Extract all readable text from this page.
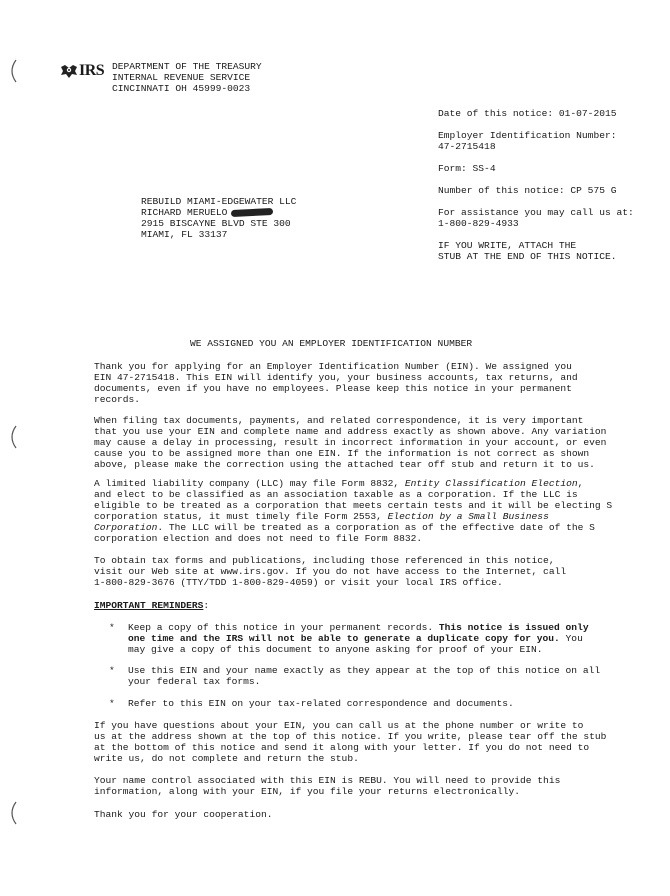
IRS DEPARTMENT OF THE TREASURY
INTERNAL REVENUE SERVICE
CINCINNATI OH 45999-0023
Date of this notice: 01-07-2015
Employer Identification Number:
47-2715418
Form: SS-4
Number of this notice: CP 575 G
For assistance you may call us at:
1-800-829-4933
IF YOU WRITE, ATTACH THE
STUB AT THE END OF THIS NOTICE.
REBUILD MIAMI-EDGEWATER LLC
RICHARD MERUELO
2915 BISCAYNE BLVD STE 300
MIAMI, FL 33137
WE ASSIGNED YOU AN EMPLOYER IDENTIFICATION NUMBER

Thank you for applying for an Employer Identification Number (EIN). We assigned you

EIN 47-2715418. This EIN will identify you, your business accounts, tax returns, and

documents, even if you have no employees. Please keep this notice in your permanent

records.

When filing tax documents, payments, and related correspondence, it is very important

that you use your EIN and complete name and address exactly as shown above. Any variation

may cause a delay in processing, result in incorrect information in your account, or even

cause you to be assigned more than one EIN. If the information is not correct as shown

above, please make the correction using the attached tear off stub and return it to us.

A limited liability company (LLC) may file Form 8832, Entity Classification Election,

and elect to be classified as an association taxable as a corporation. If the LLC is

eligible to be treated as a corporation that meets certain tests and it will be electing S

corporation status, it must timely file Form 2553, Election by a Small Business

Corporation. The LLC will be treated as a corporation as of the effective date of the S

corporation election and does not need to file Form 8832.

To obtain tax forms and publications, including those referenced in this notice,

visit our Web site at www.irs.gov. If you do not have access to the Internet, call

1-800-829-3676 (TTY/TDD 1-800-829-4059) or visit your local IRS office.

IMPORTANT REMINDERS:
* Keep a copy of this notice in your permanent records. This notice is issued only

one time and the IRS will not be able to generate a duplicate copy for you. You

may give a copy of this document to anyone asking for proof of your EIN.

* Use this EIN and your name exactly as they appear at the top of this notice on all

your federal tax forms.

* Refer to this EIN on your tax-related correspondence and documents.

If you have questions about your EIN, you can call us at the phone number or write to

us at the address shown at the top of this notice. If you write, please tear off the stub

at the bottom of this notice and send it along with your letter. If you do not need to

write us, do not complete and return the stub.

Your name control associated with this EIN is REBU. You will need to provide this

information, along with your EIN, if you file your returns electronically.

Thank you for your cooperation.
